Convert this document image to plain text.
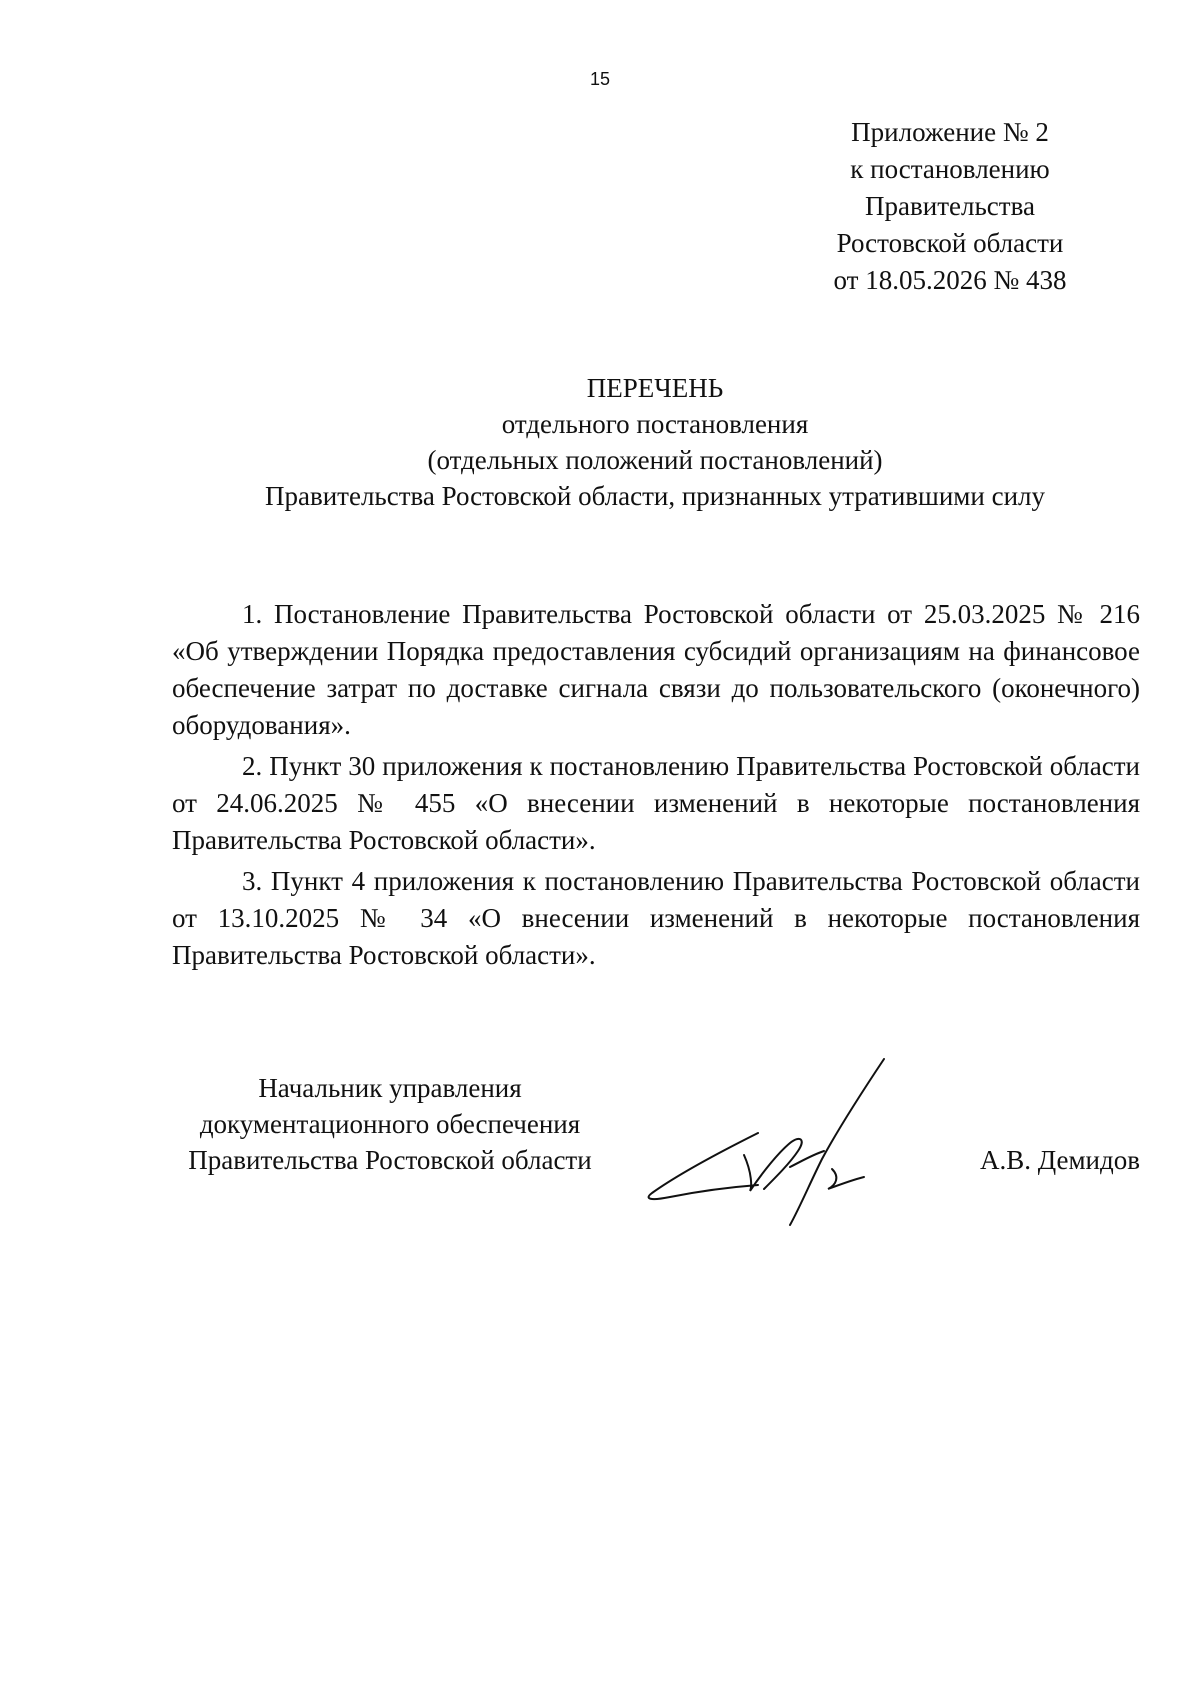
15
Приложение № 2
к постановлению
Правительства
Ростовской области
от 18.05.2026 № 438
ПЕРЕЧЕНЬ
отдельного постановления
(отдельных положений постановлений)
Правительства Ростовской области, признанных утратившими силу

1. Постановление Правительства Ростовской области от 25.03.2025 № 216 «Об утверждении Порядка предоставления субсидий организациям на финансовое обеспечение затрат по доставке сигнала связи до пользовательского (оконечного) оборудования».

2. Пункт 30 приложения к постановлению Правительства Ростовской области от 24.06.2025 № 455 «О внесении изменений в некоторые постановления Правительства Ростовской области».

3. Пункт 4 приложения к постановлению Правительства Ростовской области от 13.10.2025 № 34 «О внесении изменений в некоторые постановления Правительства Ростовской области».

Начальник управления
документационного обеспечения
Правительства Ростовской области	А.В. Демидов
